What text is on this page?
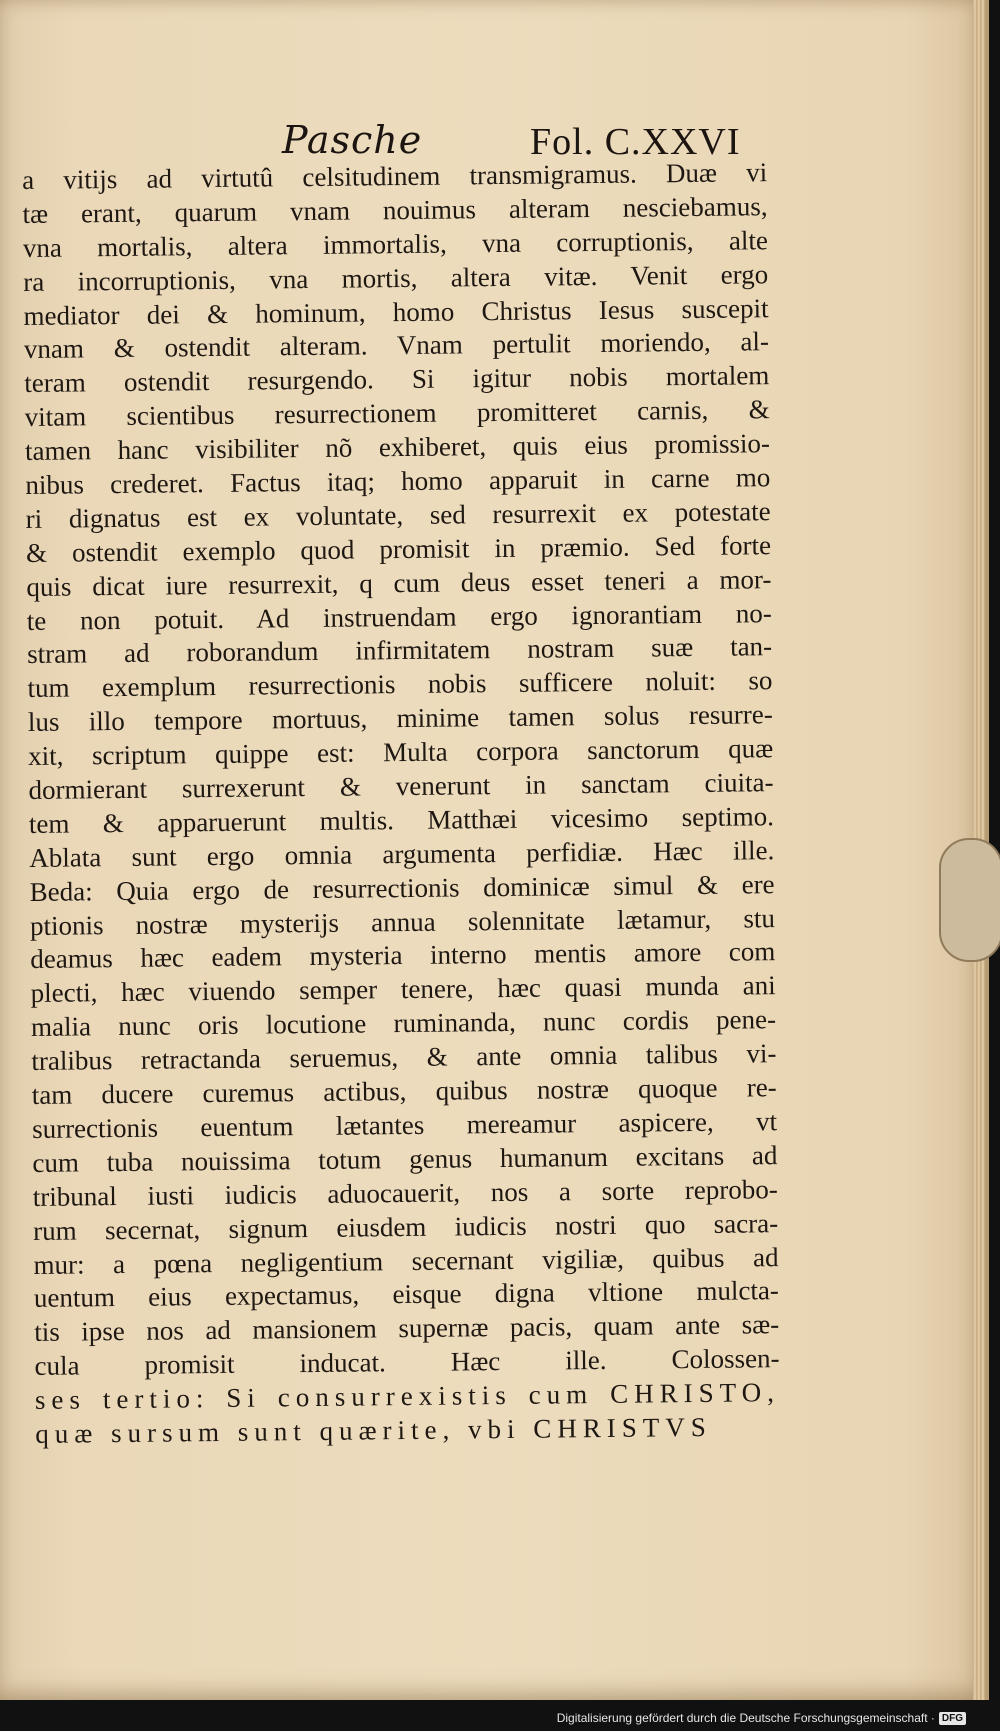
Pasche	Fol. C.XXVI
a vitijs ad virtutû celsitudinem transmigramus. Duæ vi
tæ erant, quarum vnam nouimus alteram nesciebamus,
vna mortalis, altera immortalis, vna corruptionis, alte
ra incorruptionis, vna mortis, altera vitæ. Venit ergo
mediator dei & hominum, homo Christus Iesus suscepit
vnam & ostendit alteram. Vnam pertulit moriendo, al-
teram ostendit resurgendo. Si igitur nobis mortalem
vitam scientibus resurrectionem promitteret carnis, &
tamen hanc visibiliter nõ exhiberet, quis eius promissio-
nibus crederet. Factus itaq; homo apparuit in carne mo
ri dignatus est ex voluntate, sed resurrexit ex potestate
& ostendit exemplo quod promisit in præmio. Sed forte
quis dicat iure resurrexit, q cum deus esset teneri a mor-
te non potuit. Ad instruendam ergo ignorantiam no-
stram ad roborandum infirmitatem nostram suæ tan-
tum exemplum resurrectionis nobis sufficere noluit: so
lus illo tempore mortuus, minime tamen solus resurre-
xit, scriptum quippe est: Multa corpora sanctorum quæ
dormierant surrexerunt & venerunt in sanctam ciuita-
tem & apparuerunt multis. Matthæi vicesimo septimo.
Ablata sunt ergo omnia argumenta perfidiæ. Hæc ille.
Beda: Quia ergo de resurrectionis dominicæ simul & ere
ptionis nostræ mysterijs annua solennitate lætamur, stu
deamus hæc eadem mysteria interno mentis amore com
plecti, hæc viuendo semper tenere, hæc quasi munda ani
malia nunc oris locutione ruminanda, nunc cordis pene-
tralibus retractanda seruemus, & ante omnia talibus vi-
tam ducere curemus actibus, quibus nostræ quoque re-
surrectionis euentum lætantes mereamur aspicere, vt
cum tuba nouissima totum genus humanum excitans ad
tribunal iusti iudicis aduocauerit, nos a sorte reprobo-
rum secernat, signum eiusdem iudicis nostri quo sacra-
mur: a pœna negligentium secernant vigiliæ, quibus ad
uentum eius expectamus, eisque digna vltione mulcta-
tis ipse nos ad mansionem supernæ pacis, quam ante sæ-
cula promisit inducat. Hæc ille. Colossen-
ses tertio: Si consurrexistis cum CHRISTO,
quæ sursum sunt quærite, vbi CHRISTVS
Digitalisierung gefördert durch die Deutsche Forschungsgemeinschaft · DFG
